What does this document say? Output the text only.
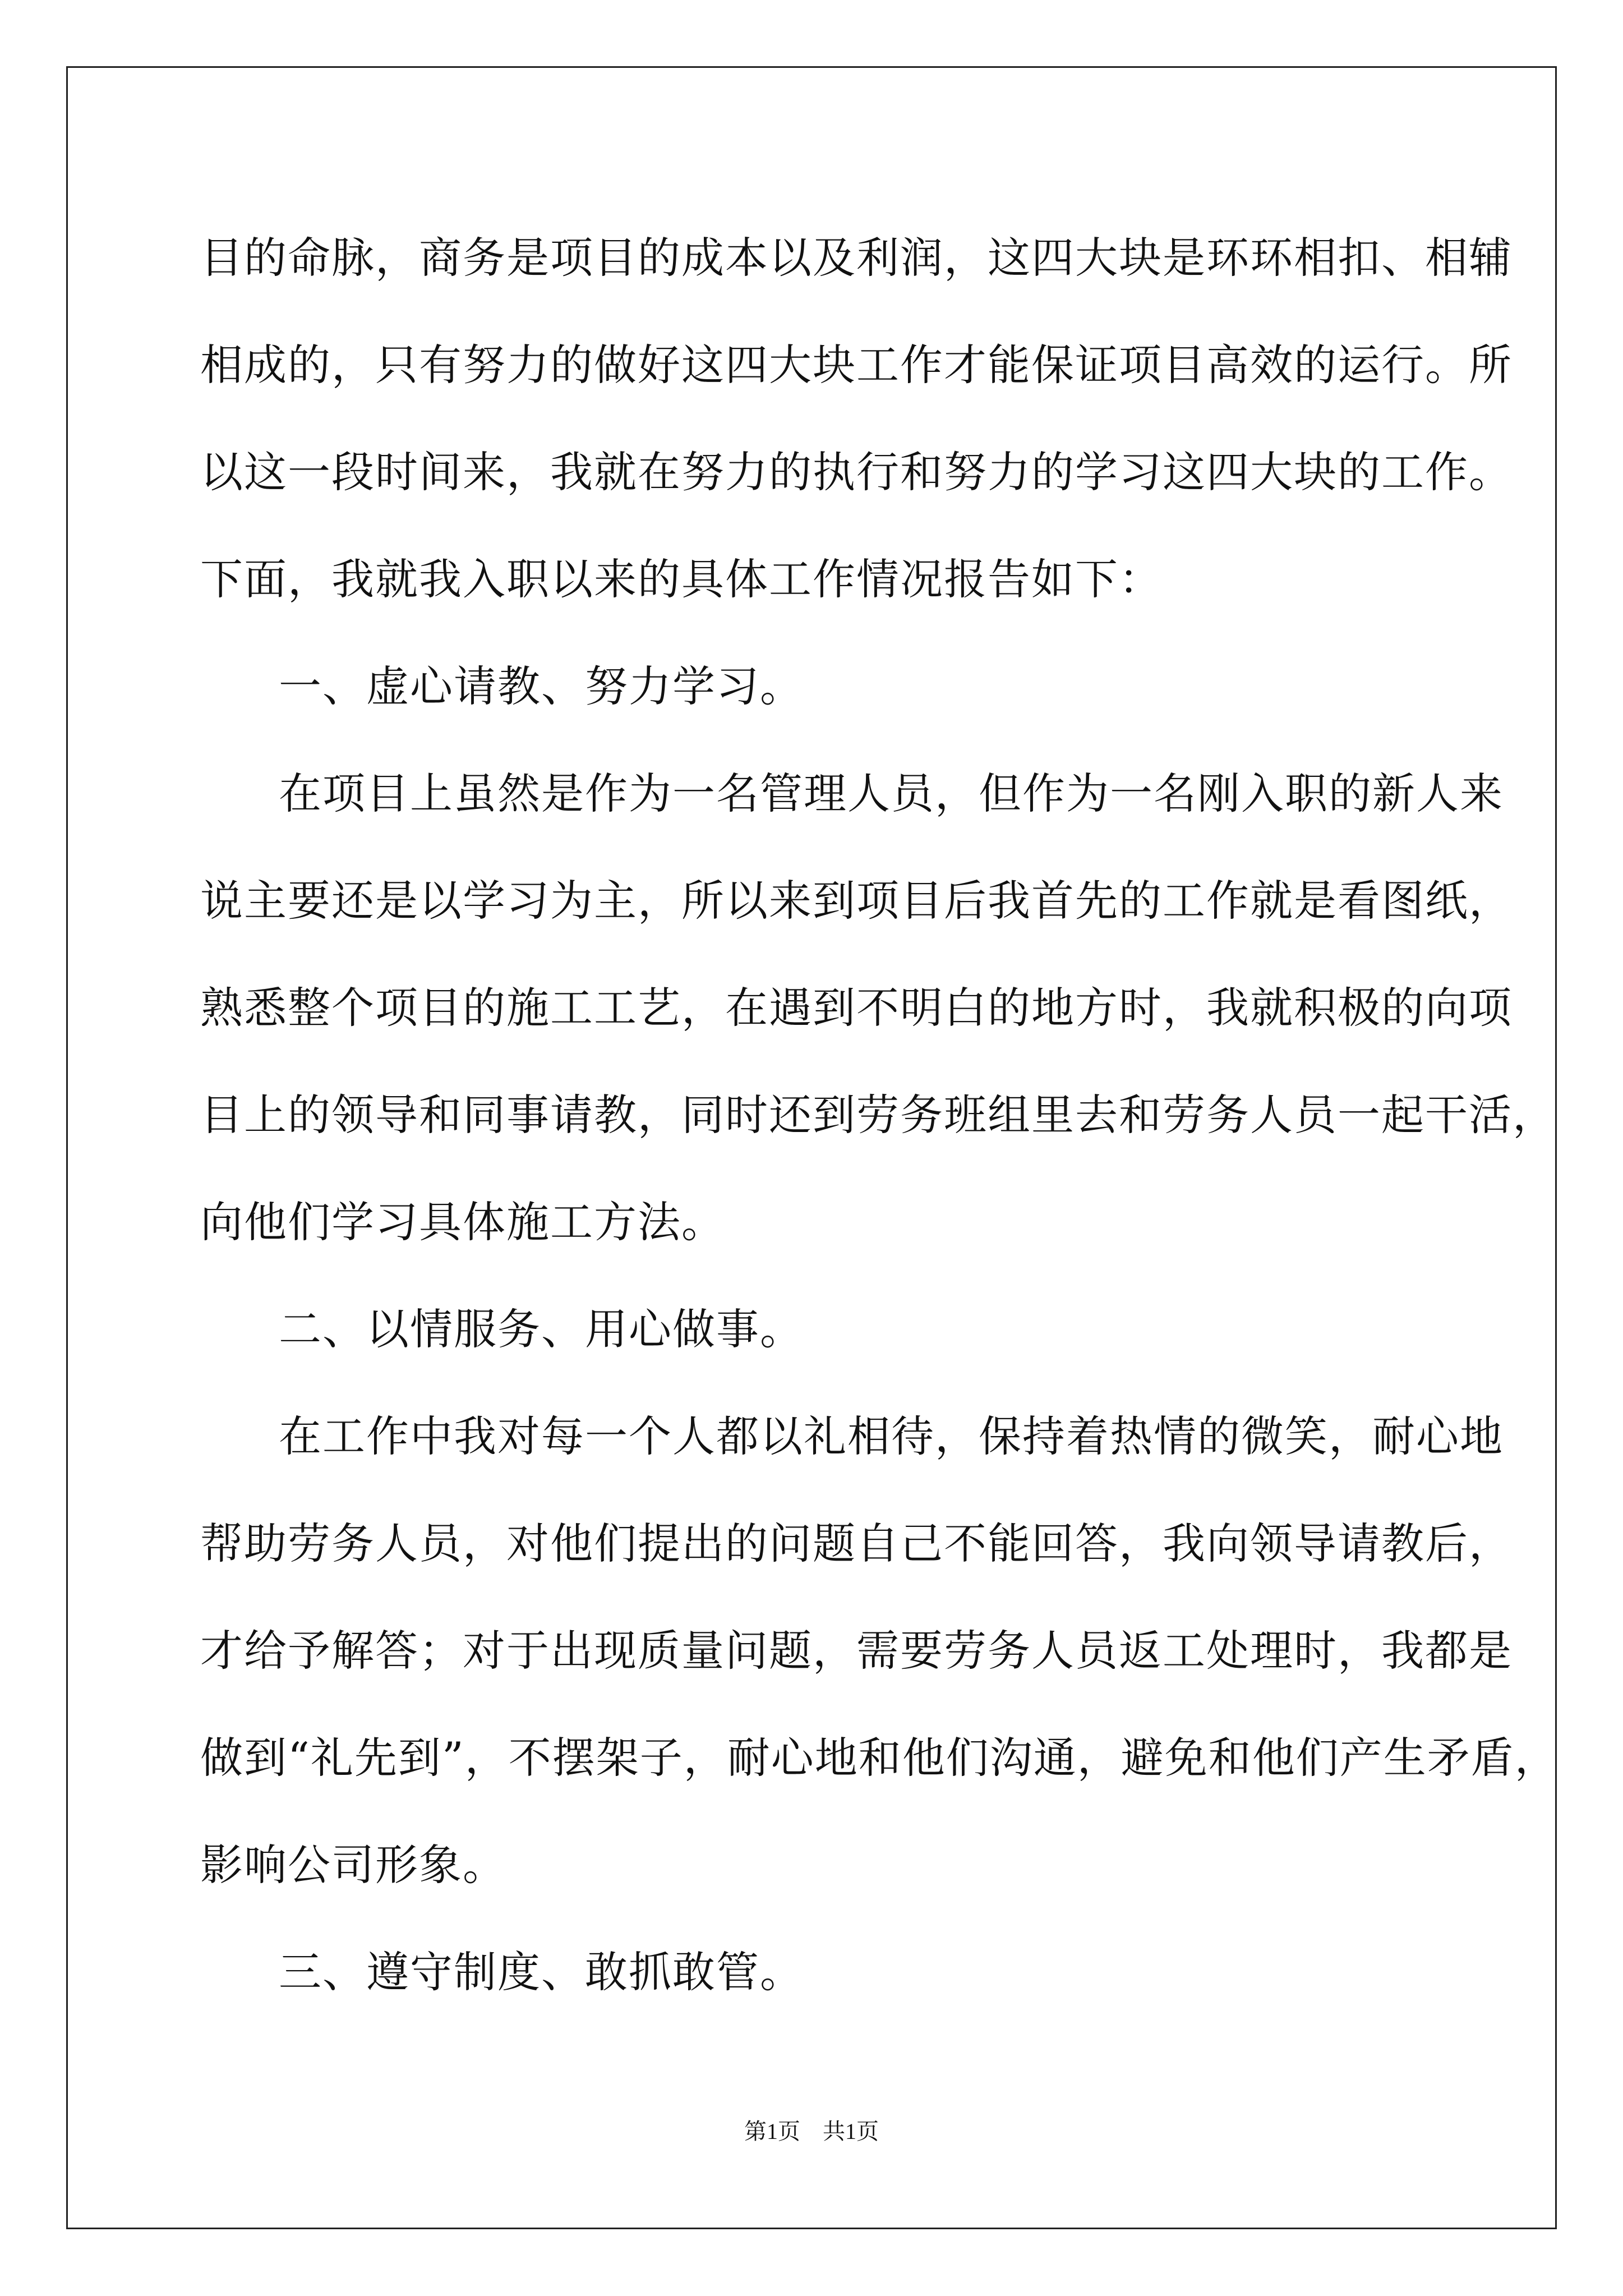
目的命脉，商务是项目的成本以及利润，这四大块是环环相扣、相辅
相成的，只有努力的做好这四大块工作才能保证项目高效的运行。所
以这一段时间来，我就在努力的执行和努力的学习这四大块的工作。
下面，我就我入职以来的具体工作情况报告如下：
一、虚心请教、努力学习。
在项目上虽然是作为一名管理人员，但作为一名刚入职的新人来
说主要还是以学习为主，所以来到项目后我首先的工作就是看图纸，
熟悉整个项目的施工工艺，在遇到不明白的地方时，我就积极的向项
目上的领导和同事请教，同时还到劳务班组里去和劳务人员一起干活，
向他们学习具体施工方法。
二、以情服务、用心做事。
在工作中我对每一个人都以礼相待，保持着热情的微笑，耐心地
帮助劳务人员，对他们提出的问题自己不能回答，我向领导请教后，
才给予解答；对于出现质量问题，需要劳务人员返工处理时，我都是
做到“礼先到”，不摆架子，耐心地和他们沟通，避免和他们产生矛盾，
影响公司形象。
三、遵守制度、敢抓敢管。
第1页　共1页
